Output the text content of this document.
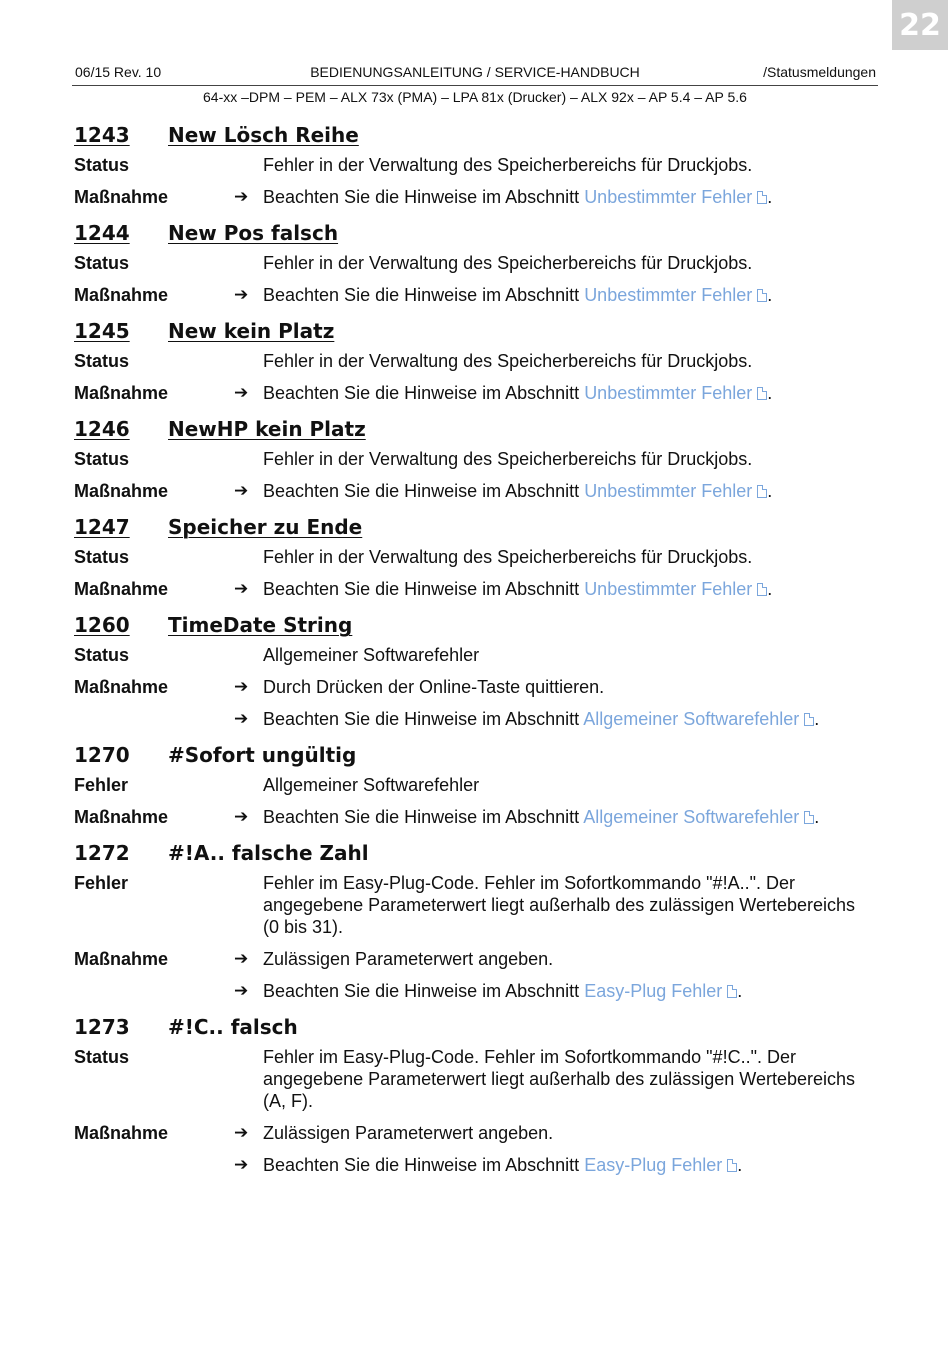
22
06/15 Rev. 10	BEDIENUNGSANLEITUNG / SERVICE-HANDBUCH	/Statusmeldungen
64-xx –DPM – PEM – ALX 73x (PMA) – LPA 81x (Drucker) – ALX 92x – AP 5.4 – AP 5.6
1243	New Lösch Reihe
Status	Fehler in der Verwaltung des Speicherbereichs für Druckjobs.
Maßnahme	➔ Beachten Sie die Hinweise im Abschnitt Unbestimmter Fehler .
1244	New Pos falsch
Status	Fehler in der Verwaltung des Speicherbereichs für Druckjobs.
Maßnahme	➔ Beachten Sie die Hinweise im Abschnitt Unbestimmter Fehler .
1245	New kein Platz
Status	Fehler in der Verwaltung des Speicherbereichs für Druckjobs.
Maßnahme	➔ Beachten Sie die Hinweise im Abschnitt Unbestimmter Fehler .
1246	NewHP kein Platz
Status	Fehler in der Verwaltung des Speicherbereichs für Druckjobs.
Maßnahme	➔ Beachten Sie die Hinweise im Abschnitt Unbestimmter Fehler .
1247	Speicher zu Ende
Status	Fehler in der Verwaltung des Speicherbereichs für Druckjobs.
Maßnahme	➔ Beachten Sie die Hinweise im Abschnitt Unbestimmter Fehler .
1260	TimeDate String
Status	Allgemeiner Softwarefehler
Maßnahme	➔ Durch Drücken der Online-Taste quittieren.
➔ Beachten Sie die Hinweise im Abschnitt Allgemeiner Softwarefehler .
1270	#Sofort ungültig
Fehler	Allgemeiner Softwarefehler
Maßnahme	➔ Beachten Sie die Hinweise im Abschnitt Allgemeiner Softwarefehler .
1272	#!A.. falsche Zahl
Fehler	Fehler im Easy-Plug-Code. Fehler im Sofortkommando "#!A..". Der angegebene Parameterwert liegt außerhalb des zulässigen Wertebereichs (0 bis 31).
Maßnahme	➔ Zulässigen Parameterwert angeben.
➔ Beachten Sie die Hinweise im Abschnitt Easy-Plug Fehler .
1273	#!C.. falsch
Status	Fehler im Easy-Plug-Code. Fehler im Sofortkommando "#!C..". Der angegebene Parameterwert liegt außerhalb des zulässigen Wertebereichs (A, F).
Maßnahme	➔ Zulässigen Parameterwert angeben.
➔ Beachten Sie die Hinweise im Abschnitt Easy-Plug Fehler .
